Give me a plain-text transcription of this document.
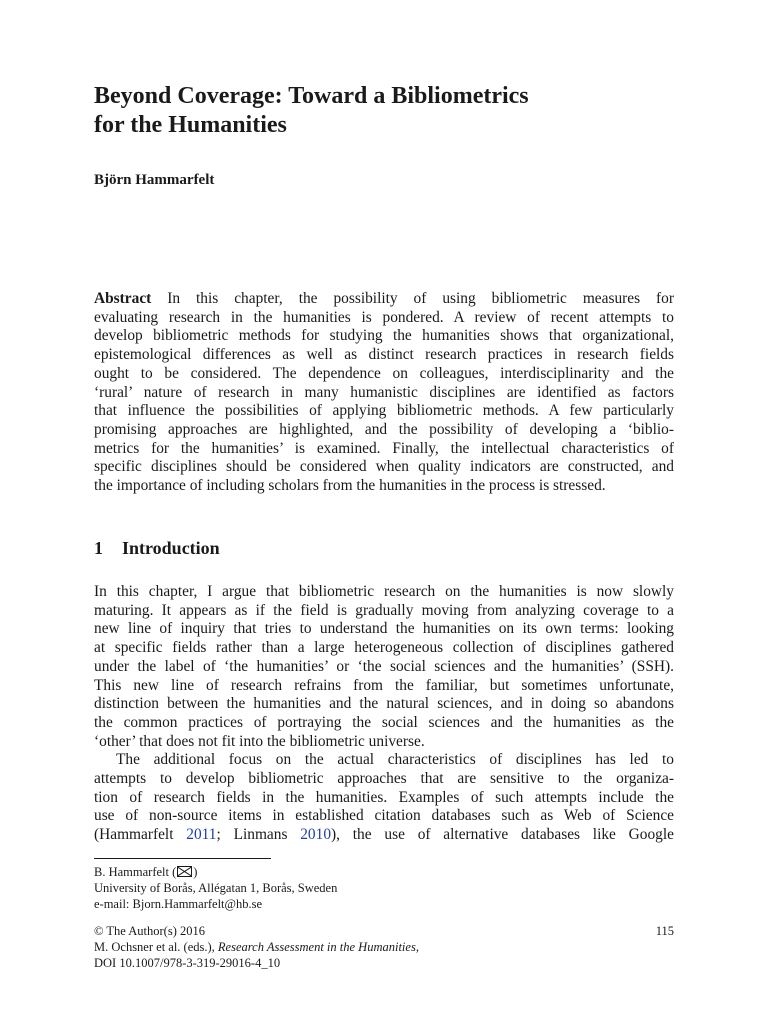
Beyond Coverage: Toward a Bibliometrics
for the Humanities
Björn Hammarfelt
Abstract In this chapter, the possibility of using bibliometric measures for
evaluating research in the humanities is pondered. A review of recent attempts to
develop bibliometric methods for studying the humanities shows that organizational,
epistemological differences as well as distinct research practices in research fields
ought to be considered. The dependence on colleagues, interdisciplinarity and the
‘rural’ nature of research in many humanistic disciplines are identified as factors
that influence the possibilities of applying bibliometric methods. A few particularly
promising approaches are highlighted, and the possibility of developing a ‘biblio-
metrics for the humanities’ is examined. Finally, the intellectual characteristics of
specific disciplines should be considered when quality indicators are constructed, and
the importance of including scholars from the humanities in the process is stressed.
1 Introduction
In this chapter, I argue that bibliometric research on the humanities is now slowly
maturing. It appears as if the field is gradually moving from analyzing coverage to a
new line of inquiry that tries to understand the humanities on its own terms: looking
at specific fields rather than a large heterogeneous collection of disciplines gathered
under the label of ‘the humanities’ or ‘the social sciences and the humanities’ (SSH).
This new line of research refrains from the familiar, but sometimes unfortunate,
distinction between the humanities and the natural sciences, and in doing so abandons
the common practices of portraying the social sciences and the humanities as the
‘other’ that does not fit into the bibliometric universe.
The additional focus on the actual characteristics of disciplines has led to
attempts to develop bibliometric approaches that are sensitive to the organiza-
tion of research fields in the humanities. Examples of such attempts include the
use of non-source items in established citation databases such as Web of Science
(Hammarfelt 2011; Linmans 2010), the use of alternative databases like Google
B. Hammarfelt ( )
University of Borås, Allégatan 1, Borås, Sweden
e-mail: Bjorn.Hammarfelt@hb.se
© The Author(s) 2016
M. Ochsner et al. (eds.), Research Assessment in the Humanities,
DOI 10.1007/978-3-319-29016-4_10
115
